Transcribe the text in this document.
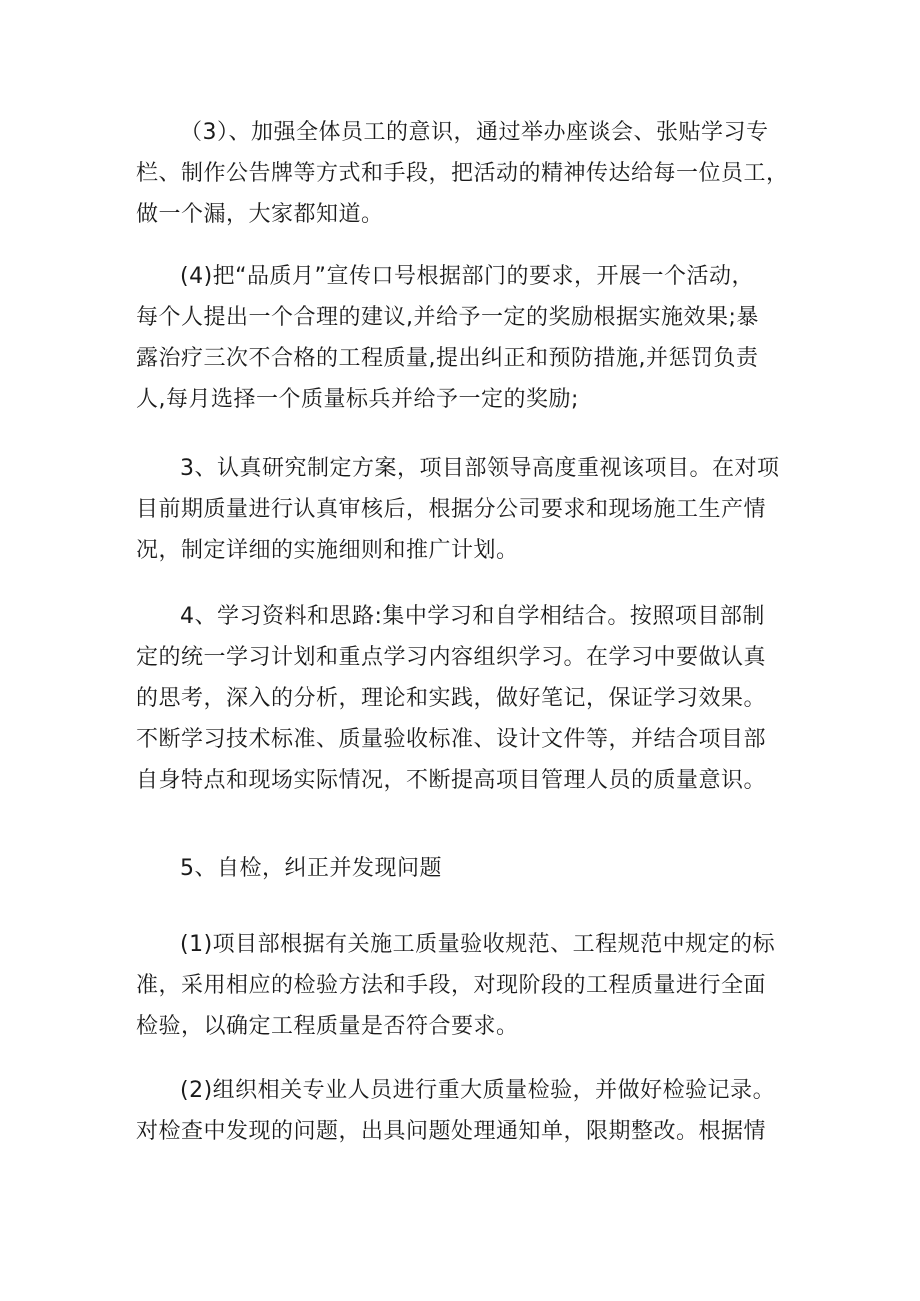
（3）、加强全体员工的意识，通过举办座谈会、张贴学习专
栏、制作公告牌等方式和手段，把活动的精神传达给每一位员工，
做一个漏，大家都知道。
(4)把“品质月”宣传口号根据部门的要求，开展一个活动，
每个人提出一个合理的建议,并给予一定的奖励根据实施效果;暴
露治疗三次不合格的工程质量,提出纠正和预防措施,并惩罚负责
人,每月选择一个质量标兵并给予一定的奖励;
3、认真研究制定方案，项目部领导高度重视该项目。在对项
目前期质量进行认真审核后，根据分公司要求和现场施工生产情
况，制定详细的实施细则和推广计划。
4、学习资料和思路:集中学习和自学相结合。按照项目部制
定的统一学习计划和重点学习内容组织学习。在学习中要做认真
的思考，深入的分析，理论和实践，做好笔记，保证学习效果。
不断学习技术标准、质量验收标准、设计文件等，并结合项目部
自身特点和现场实际情况，不断提高项目管理人员的质量意识。
5、自检，纠正并发现问题
(1)项目部根据有关施工质量验收规范、工程规范中规定的标
准，采用相应的检验方法和手段，对现阶段的工程质量进行全面
检验，以确定工程质量是否符合要求。
(2)组织相关专业人员进行重大质量检验，并做好检验记录。
对检查中发现的问题，出具问题处理通知单，限期整改。根据情
